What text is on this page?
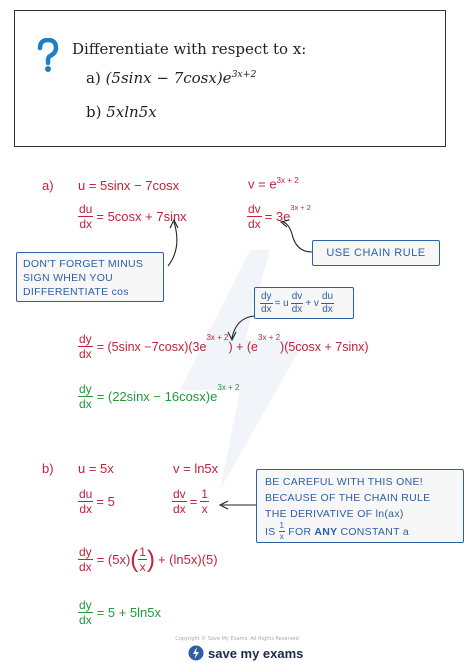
Differentiate with respect to x:
a) $(5\sin x - 7\cos x)e^{3x+2}$
b) 5xln5x
a) u = 5sinx − 7cosx	$v = e^{3x + 2}$
$\frac{du}{dx} = 5\cos x + 7\sin x$	$\frac{dv}{dx} = 3e$
$^{3x + 2}$
DON'T FORGET MINUS SIGN WHEN YOU DIFFERENTIATE cos
USE CHAIN RULE
$\frac{dy}{dx} = u \frac{dv}{dx} + v \frac{du}{dx}$
$\frac{dy}{dx} = (5\sin x -7\cos x)(3e$
$^{3x + 2}$
) + (e
$^{3x + 2}$
)(5cosx + 7sinx)
$\frac{dy}{dx} = (22\sin x - 16\cos x)e$
$^{3x + 2}$
b) u = 5x	v = ln5x
$\frac{du}{dx} = 5$	$\frac{dv}{dx} = \frac{1}{x}$
BE CAREFUL WITH THIS ONE!
BECAUSE OF THE CHAIN RULE
THE DERIVATIVE OF ln(ax)
IS $\frac{1}{x}$ FOR ANY CONSTANT a
$\frac{dy}{dx} = (5x)$ ( $\frac{1}{x}$ ) + (ln5x)(5)
$\frac{dy}{dx} = 5 + 5\ln 5x$
Copyright © Save My Exams. All Rights Reserved
save my exams
